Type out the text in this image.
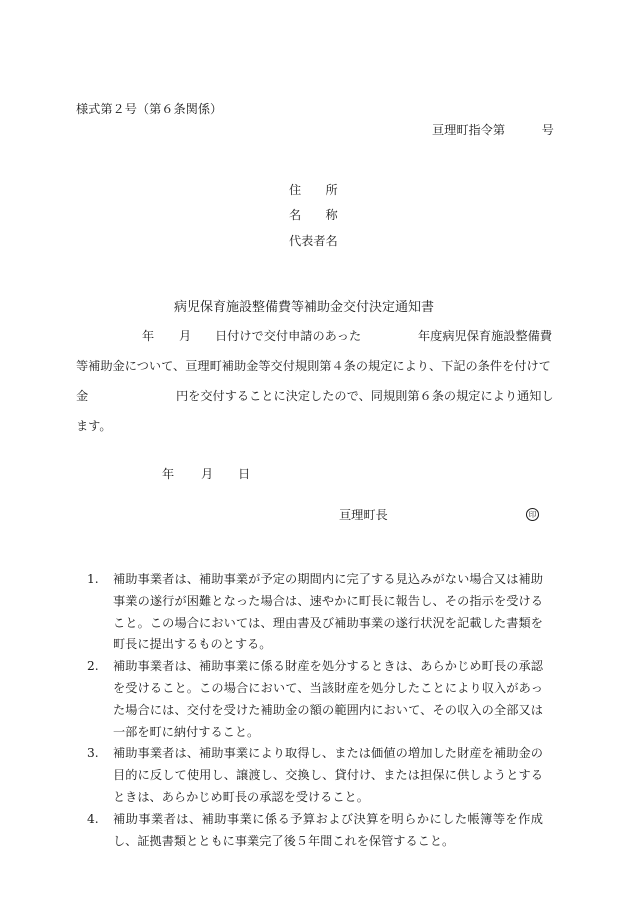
様式第２号（第６条関係）
亘理町指令第　　　号
住　　所
名　　称
代表者名
病児保育施設整備費等補助金交付決定通知書
年 月 日付けで交付申請のあった	年度病児保育施設整備費
等補助金について、亘理町補助金等交付規則第４条の規定により、下記の条件を付けて
金	円を交付することに決定したので、同規則第６条の規定により通知し
ます。
年 月 日
亘理町長	印
1. 補助事業者は、補助事業が予定の期間内に完了する見込みがない場合又は補助事業の遂行が困難となった場合は、速やかに町長に報告し、その指示を受けること。この場合においては、理由書及び補助事業の遂行状況を記載した書類を町長に提出するものとする。
2. 補助事業者は、補助事業に係る財産を処分するときは、あらかじめ町長の承認を受けること。この場合において、当該財産を処分したことにより収入があった場合には、交付を受けた補助金の額の範囲内において、その収入の全部又は一部を町に納付すること。
3. 補助事業者は、補助事業により取得し、または価値の増加した財産を補助金の目的に反して使用し、譲渡し、交換し、貸付け、または担保に供しようとするときは、あらかじめ町長の承認を受けること。
4. 補助事業者は、補助事業に係る予算および決算を明らかにした帳簿等を作成し、証拠書類とともに事業完了後５年間これを保管すること。
